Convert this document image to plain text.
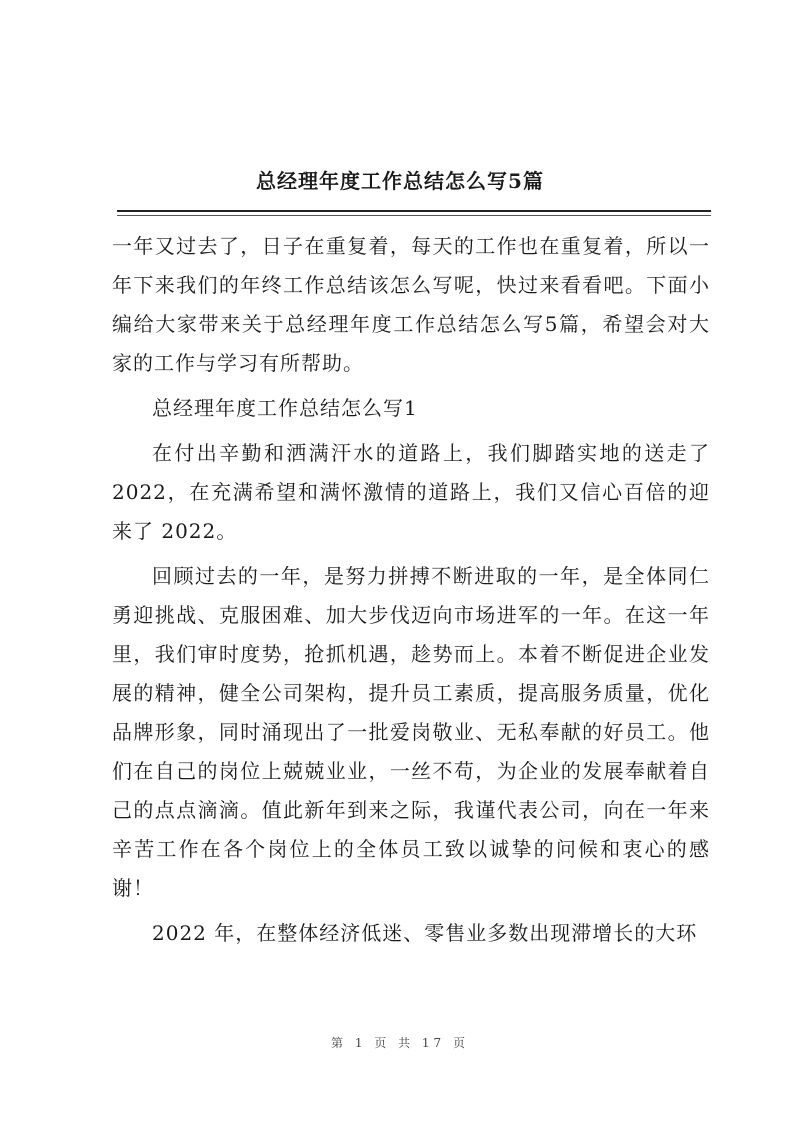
总经理年度工作总结怎么写5篇

一年又过去了，日子在重复着，每天的工作也在重复着，所以一年下来我们的年终工作总结该怎么写呢，快过来看看吧。下面小编给大家带来关于总经理年度工作总结怎么写5篇，希望会对大家的工作与学习有所帮助。

总经理年度工作总结怎么写1

在付出辛勤和洒满汗水的道路上，我们脚踏实地的送走了2022，在充满希望和满怀激情的道路上，我们又信心百倍的迎来了 2022。

回顾过去的一年，是努力拼搏不断进取的一年，是全体同仁勇迎挑战、克服困难、加大步伐迈向市场进军的一年。在这一年里，我们审时度势，抢抓机遇，趁势而上。本着不断促进企业发展的精神，健全公司架构，提升员工素质，提高服务质量，优化品牌形象，同时涌现出了一批爱岗敬业、无私奉献的好员工。他们在自己的岗位上兢兢业业，一丝不苟，为企业的发展奉献着自己的点点滴滴。值此新年到来之际，我谨代表公司，向在一年来辛苦工作在各个岗位上的全体员工致以诚挚的问候和衷心的感谢！

2022 年，在整体经济低迷、零售业多数出现滞增长的大环

第 1 页 共 17 页
